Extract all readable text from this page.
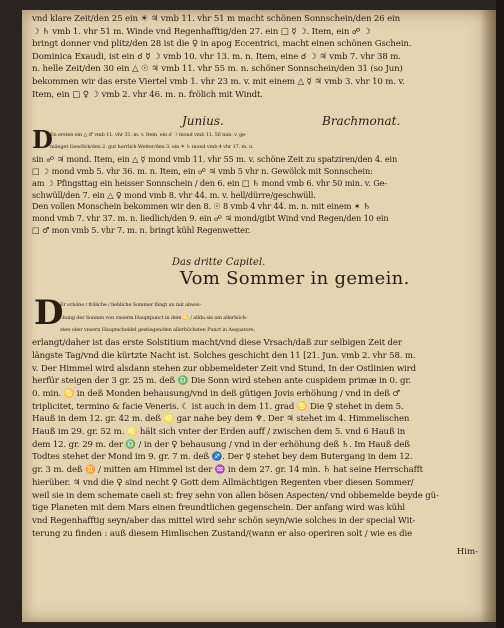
vnd klare Zeit/den 25 ein ☀ ♃ vmb 11. vhr 51 m macht schönen Sonnschein/den 26 ein
☽ ♄ vmb 1. vhr 51 m. Winde vnd Regenhafftig/den 27. ein □ ☿ ☽. Item, ein ☍ ☽
bringt donner vnd plitz/den 28 ist die ♀ in apog Eccentrici, macht einen schönen Gschein.
Dominica Exaudi, ist ein ☌ ☿ ☽ vmb 10. vhr 13. m. n. Item, eine ☌ ☽ ♃ vmb 7. vhr 38 m.
n. helle Zeit/den 30 ein △ ☉ ♃ vmb 11. vhr 55 m. n. schöner Sonnschein/den 31 (so Jun)
bekommen wir das erste Viertel vmb 1. vhr 23 m. v. mit einem △ ☿ ♃ vmb 3. vhr 10 m. v.
Item, ein □ ♀ ☽ vmb 2. vhr 46. m. n. frölich mit Windt.
Junius.	Brachmonat.
D
En ersten ein △ ♂ vmb 11. vhr 31. m. v. Item, ein ☌ ☽ mond vmb 11. 56 min. v. ge-
mänget Gewölck/den 2. gut herrlich Wetter/den 3. ein ✶ ♄ mond vmb 4 vhr 17. m. n.
sin ☍ ♃ mond. Item, ein △ ☿ mond vmb 11. vhr 55 m. v. schöne Zeit zu spatziren/den 4. ein
□ ☽ mond vmb 5. vhr 36. m. n. Item, ein ☍ ♃ vmb 5 vhr n. Gewölck mit Sonnschein:
am ☽ Pfingsttag ein heisser Sonnschein / den 6. ein □ ♄ mond vmb 6. vhr 50 min. v. Ge-
schwüll/den 7. ein △ ♀ mond vmb 8. vhr 44. m. v. hell/dürre/geschwüll.
Den vollen Monschein bekommen wir den 8. ☉ 8 vmb 4 vhr 44. m. n. mit einem ✶ ♄
mond vmb 7. vhr 37. m. n. liedlich/den 9. ein ☍ ♃ mond/gibt Wind vnd Regen/den 10 ein
□ ♂ mon vmb 5. vhr 7. m. n. bringt kühl Regenwetter.
Das dritte Capitel.
Vom Sommer in gemein.
D
Er schöne / fröliche / liebliche Sommer fängt an mit abwei-
chung der Sonnen von vnserm Hauptpunct in dem ♋ / allda sie am allerhöch-
sten ober vnsern Hauptscheidel gestiegen/den allerhöchsten Punct in Aequatore,
erlangt/daher ist das erste Solstitium macht/vnd diese Vrsach/daß zur selbigen Zeit der
längste Tag/vnd die kürtzte Nacht ist. Solches geschicht den 11 [21. Jun. vmb 2. vhr 58. m.
v. Der Himmel wird alsdann stehen zur obbemeldeter Zeit vnd Stund, In der Ostlinien wird
herfür steigen der 3 gr. 25 m. deß ♎ Die Sonn wird stehen ante cuspidem primæ in 0. gr.
0. min. ♋ in deß Monden behausung/vnd in deß gütigen Jovis erhöhung / vnd in deß ♂
triplicitet, termino & facie Veneris. ☾ ist auch in dem 11. grad ♋ Die ♀ stehet in dem 5.
Hauß in dem 12. gr. 42 m. deß ♌ gar nahe bey dem ♆. Der ♃ stehet im 4. Himmelischen
Hauß im 29. gr. 52 m. ♌ hält sich vnter der Erden auff / zwischen dem 5. vnd 6 Hauß in
dem 12. gr. 29 m. der ♎ / in der ♀ behausung / vnd in der erhöhung deß ♄. Im Hauß deß
Todtes stehet der Mond im 9. gr. 7 m. deß ♐. Der ☿ stehet bey dem Butergang in dem 12.
gr. 3 m. deß ♊ / mitten am Himmel ist der ♒ in dem 27. gr. 14 min. ♄ hat seine Herrschafft
hierüber. ♃ vnd die ♀ sind necht ♀ Gott dem Allmächtigen Regenten vber diesen Sommer/
weil sie in dem schemate caeli st: frey sehn von allen bösen Aspecten/ vnd obbemelde beyde gü-
tige Planeten mit dem Mars einen freundtlichen gegenschein. Der anfang wird was kühl
vnd Regenhafftig seyn/aber das mittel wird sehr schön seyn/wie solches in der special Wit-
terung zu finden : auß diesem Himlischen Zustand/(wann er also operiren solt / wie es die
Him-
